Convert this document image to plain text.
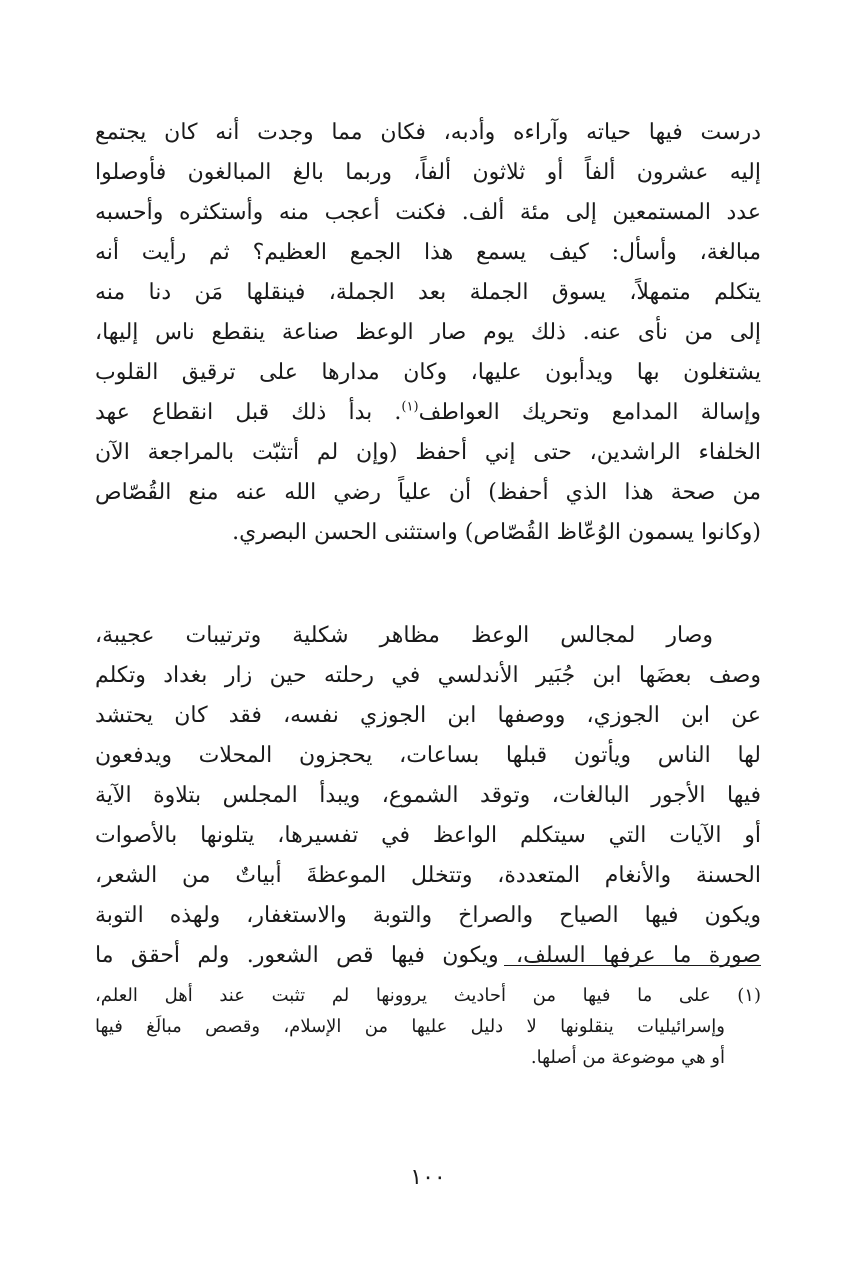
درست فيها حياته وآراءه وأدبه، فكان مما وجدت أنه كان يجتمع
إليه عشرون ألفاً أو ثلاثون ألفاً، وربما بالغ المبالغون فأوصلوا
عدد المستمعين إلى مئة ألف. فكنت أعجب منه وأستكثره وأحسبه
مبالغة، وأسأل: كيف يسمع هذا الجمع العظيم؟ ثم رأيت أنه
يتكلم متمهلاً، يسوق الجملة بعد الجملة، فينقلها مَن دنا منه
إلى من نأى عنه. ذلك يوم صار الوعظ صناعة ينقطع ناس إليها،
يشتغلون بها ويدأبون عليها، وكان مدارها على ترقيق القلوب
وإسالة المدامع وتحريك العواطف$^{(١)}$. بدأ ذلك قبل انقطاع عهد
الخلفاء الراشدين، حتى إني أحفظ (وإن لم أتثبّت بالمراجعة الآن
من صحة هذا الذي أحفظ) أن علياً رضي الله عنه منع القُصّاص
(وكانوا يسمون الوُعّاظ القُصّاص) واستثنى الحسن البصري.
وصار لمجالس الوعظ مظاهر شكلية وترتيبات عجيبة،
وصف بعضَها ابن جُبَير الأندلسي في رحلته حين زار بغداد وتكلم
عن ابن الجوزي، ووصفها ابن الجوزي نفسه، فقد كان يحتشد
لها الناس ويأتون قبلها بساعات، يحجزون المحلات ويدفعون
فيها الأجور البالغات، وتوقد الشموع، ويبدأ المجلس بتلاوة الآية
أو الآيات التي سيتكلم الواعظ في تفسيرها، يتلونها بالأصوات
الحسنة والأنغام المتعددة، وتتخلل الموعظةَ أبياتٌ من الشعر،
ويكون فيها الصياح والصراخ والتوبة والاستغفار، ولهذه التوبة
صورة ما عرفها السلف، ويكون فيها قص الشعور. ولم أحقق ما
(١) على ما فيها من أحاديث يروونها لم تثبت عند أهل العلم،
وإسرائيليات ينقلونها لا دليل عليها من الإسلام، وقصص مبالَغ فيها
أو هي موضوعة من أصلها.
١٠٠
